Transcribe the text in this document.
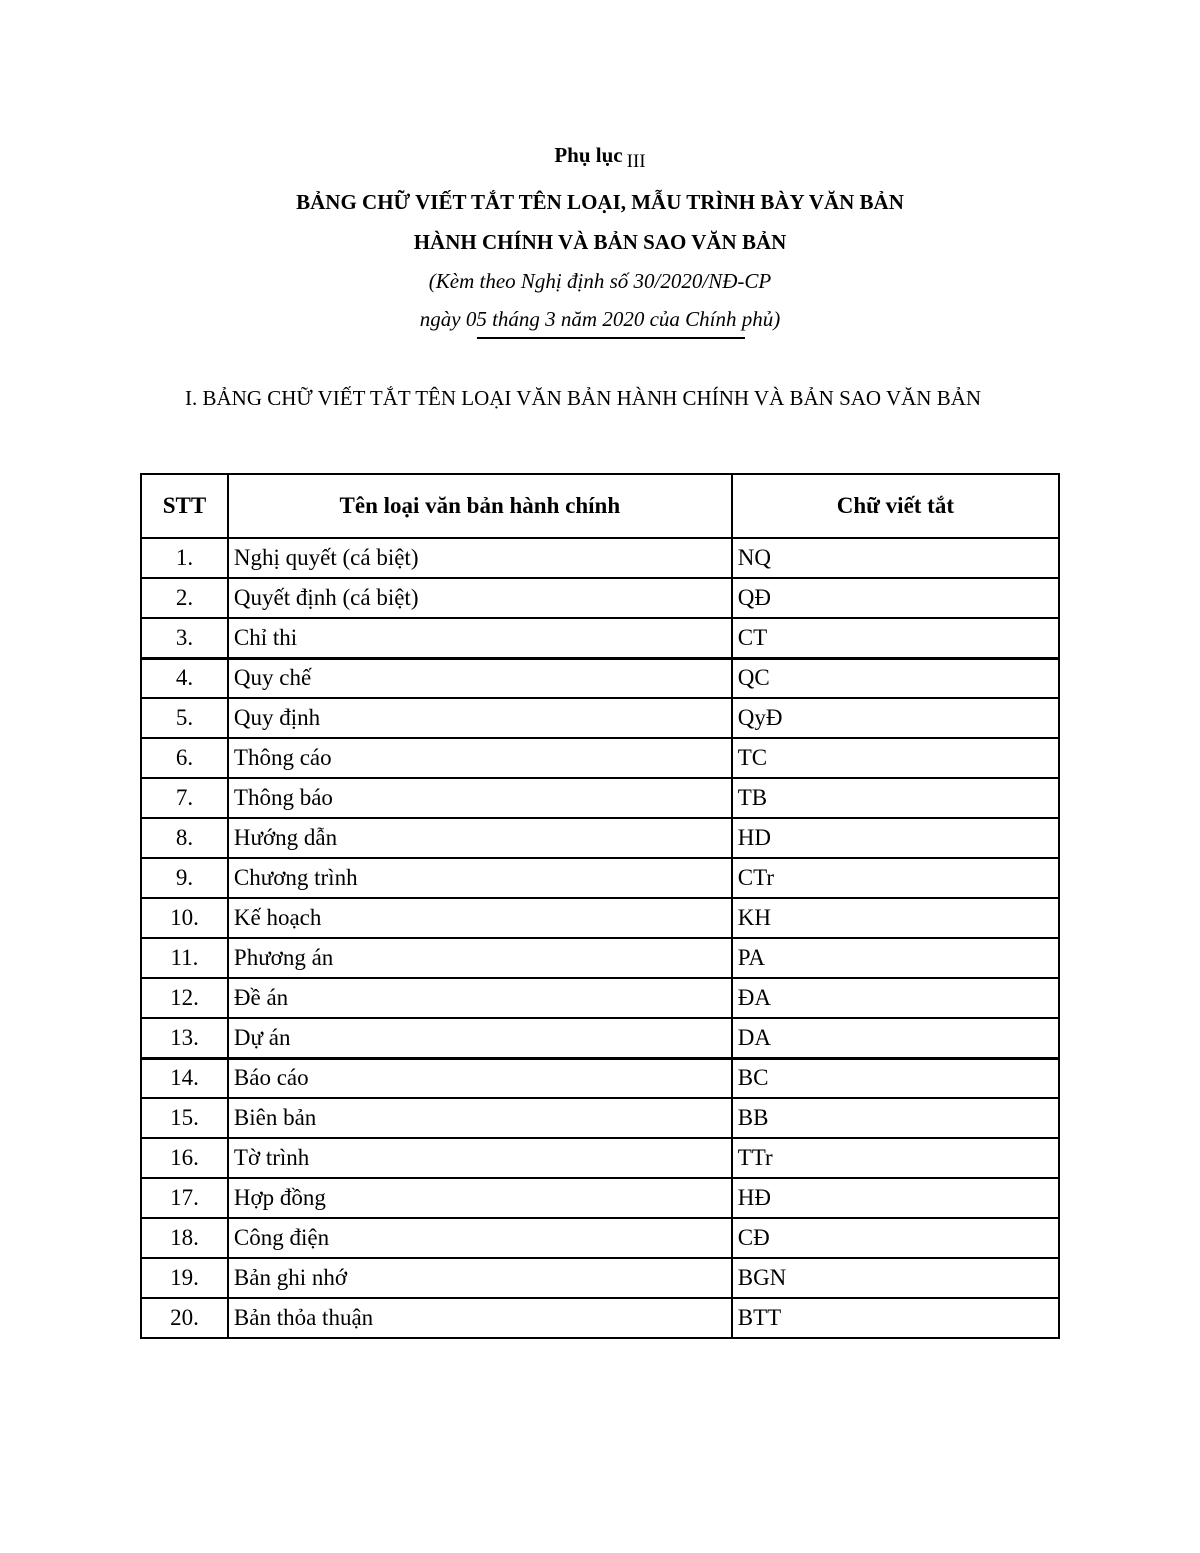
Phụ lục III
BẢNG CHỮ VIẾT TẮT TÊN LOẠI, MẪU TRÌNH BÀY VĂN BẢN
HÀNH CHÍNH VÀ BẢN SAO VĂN BẢN
(Kèm theo Nghị định số 30/2020/NĐ-CP
ngày 05 tháng 3 năm 2020 của Chính phủ)
I. BẢNG CHỮ VIẾT TẮT TÊN LOẠI VĂN BẢN HÀNH CHÍNH VÀ BẢN SAO VĂN BẢN
STT	Tên loại văn bản hành chính	Chữ viết tắt
1.	Nghị quyết (cá biệt)	NQ
2.	Quyết định (cá biệt)	QĐ
3.	Chỉ thi	CT
4.	Quy chế	QC
5.	Quy định	QyĐ
6.	Thông cáo	TC
7.	Thông báo	TB
8.	Hướng dẫn	HD
9.	Chương trình	CTr
10.	Kế hoạch	KH
11.	Phương án	PA
12.	Đề án	ĐA
13.	Dự án	DA
14.	Báo cáo	BC
15.	Biên bản	BB
16.	Tờ trình	TTr
17.	Hợp đồng	HĐ
18.	Công điện	CĐ
19.	Bản ghi nhớ	BGN
20.	Bản thỏa thuận	BTT
